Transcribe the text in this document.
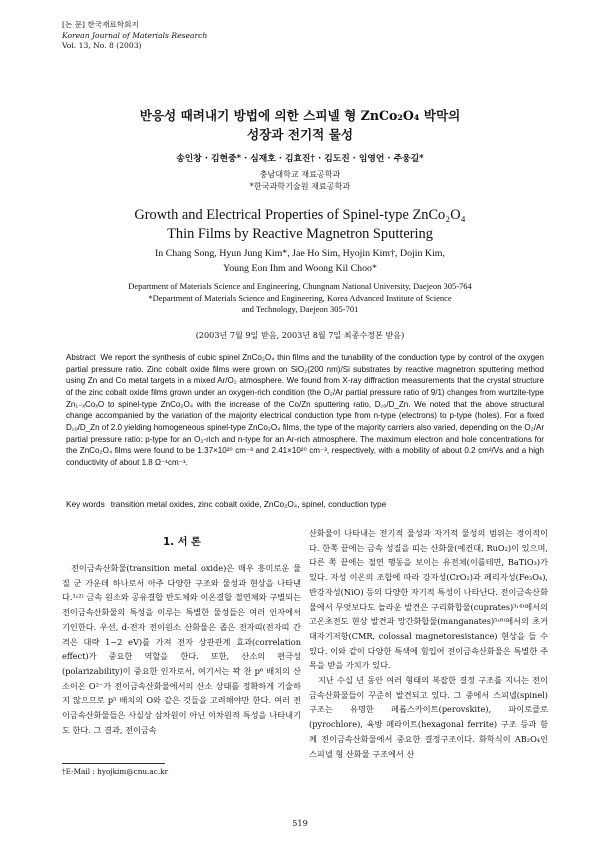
[논 문] 한국재료학회지
Korean Journal of Materials Research
Vol. 13, No. 8 (2003)
반응성 때려내기 방법에 의한 스피넬 형 ZnCo₂O₄ 박막의
성장과 전기적 물성
송인창 · 김현중* · 심재호 · 김효진† · 김도진 · 임영언 · 주웅길*
충남대학교 재료공학과
*한국과학기술원 재료공학과
Growth and Electrical Properties of Spinel-type ZnCo₂O₄
Thin Films by Reactive Magnetron Sputtering
In Chang Song, Hyun Jung Kim*, Jae Ho Sim, Hyojin Kim†, Dojin Kim,
Young Eon Ihm and Woong Kil Choo*
Department of Materials Science and Engineering, Chungnam National University, Daejeon 305-764
*Department of Materials Science and Engineering, Korea Advanced Institute of Science
and Technology, Daejeon 305-701
(2003년 7월 9일 받음, 2003년 8월 7일 최종수정본 받음)
Abstract We report the synthesis of cubic spinel ZnCo₂O₄ thin films and the tunability of the conduction type by control of the oxygen partial pressure ratio. Zinc cobalt oxide films were grown on SiO₂(200 nm)/Si substrates by reactive magnetron sputtering method using Zn and Co metal targets in a mixed Ar/O₂ atmosphere. We found from X-ray diffraction measurements that the crystal structure of the zinc cobalt oxide films grown under an oxygen-rich condition (the O₂/Ar partial pressure ratio of 9/1) changes from wurtzite-type Zn₁₋ₓCoₓO to spinel-type ZnCo₂O₄ with the increase of the Co/Zn sputtering ratio, D꜀ₒ/D_Zn. We noted that the above structural change accompanied by the variation of the majority electrical conduction type from n-type (electrons) to p-type (holes). For a fixed D꜀ₒ/D_Zn of 2.0 yielding homogeneous spinel-type ZnCo₂O₄ films, the type of the majority carriers also varied, depending on the O₂/Ar partial pressure ratio: p-type for an O₂-rich and n-type for an Ar-rich atmosphere. The maximum electron and hole concentrations for the ZnCo₂O₄ films were found to be 1.37×10²⁰ cm⁻³ and 2.41×10²⁰ cm⁻³, respectively, with a mobility of about 0.2 cm²/Vs and a high conductivity of about 1.8 Ω⁻¹cm⁻¹.
Key words transition metal oxides, zinc cobalt oxide, ZnCo₂O₄, spinel, conduction type
1. 서 론

전이금속산화물(transition metal oxide)은 매우 흥미로운 물질 군 가운데 하나로서 아주 다양한 구조와 물성과 현상을 나타낸다.¹˒²⁾ 금속 원소와 공유결합 반도체와 이온결합 절연체와 구별되는 전이금속산화물의 특성을 이루는 특별한 물성들은 여러 인자에서 기인한다. 우선, d-전자 전이원소 산화물은 좁은 전자띠(전자띠 간격은 대략 1~2 eV)를 가져 전자 상관관계 효과(correlation effect)가 중요한 역할을 한다. 또한, 산소의 편극성(polarizability)이 중요한 인자로서, 여기서는 꽉 찬 p⁶ 배치의 산소이온 O²⁻가 전이금속산화물에서의 산소 상태를 정확하게 기술하지 않으므로 p⁵ 배치의 O와 같은 것들을 고려해야만 한다. 여러 전이금속산화물들은 사실상 삼차원이 아닌 이차원적 특성을 나타내기도 한다. 그 결과, 전이금속

산화물이 나타내는 전기적 물성과 자기적 물성의 범위는 경이적이다. 한쪽 끝에는 금속 성질을 띠는 산화물(예컨대, RuO₂)이 있으며, 다른 쪽 끝에는 절연 행동을 보이는 유전체(이를테면, BaTiO₃)가 있다. 자성 이온의 조합에 따라 강자성(CrO₂)과 페리자성(Fe₃O₄), 반강자성(NiO) 등의 다양한 자기적 특성이 나타난다. 전이금속산화물에서 무엇보다도 놀라운 발견은 구리화합물(cuprates)³˒⁴⁾에서의 고온초전도 현상 발견과 망간화합물(manganates)⁵˒⁶⁾에서의 초거대자기저항(CMR, colossal magnetoresistance) 현상을 들 수 있다. 이와 같이 다양한 특색에 힘입어 전이금속산화물은 특별한 주목을 받을 가치가 있다.

지난 수십 년 동안 여러 형태의 복잡한 결정 구조를 지니는 전이금속산화물들이 꾸준히 발견되고 있다. 그 중에서 스피넬(spinel) 구조는 유명한 페롭스카이트(perovskite), 파이로클로(pyrochlore), 육방 페라이트(hexagonal ferrite) 구조 등과 함께 전이금속산화물에서 중요한 결정구조이다. 화학식이 AB₂O₄인 스피넬 형 산화물 구조에서 산

†E-Mail : hyojkim@cnu.ac.kr
519
